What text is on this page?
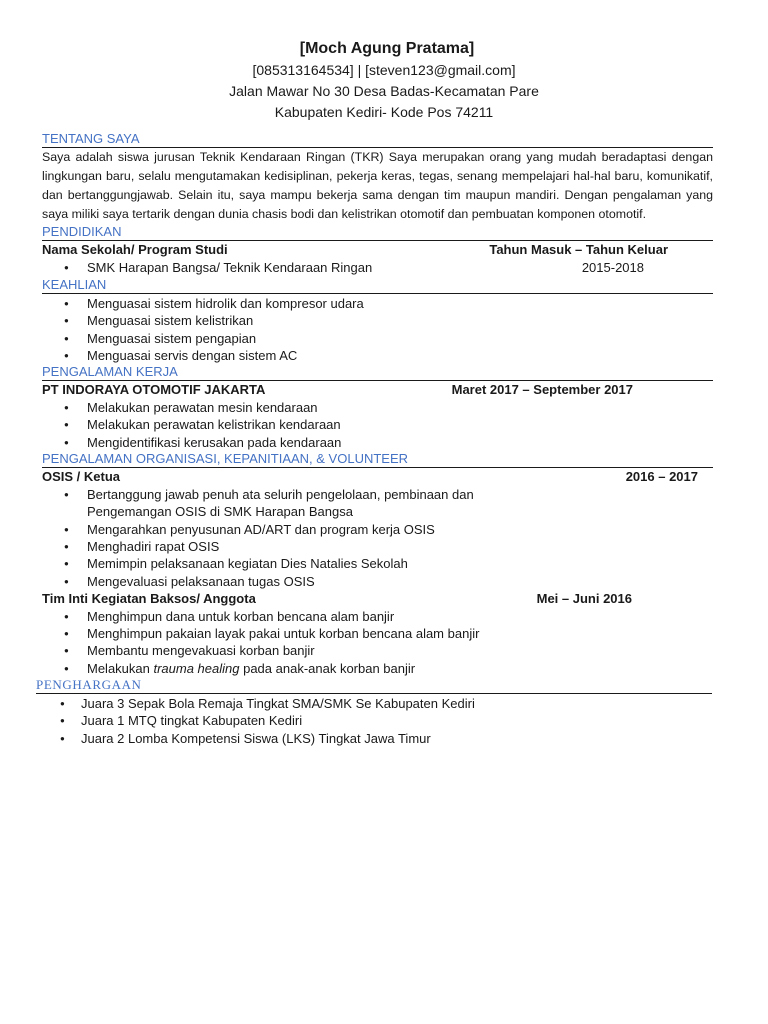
[Moch Agung Pratama]
[085313164534] | [steven123@gmail.com]
Jalan Mawar No 30 Desa Badas-Kecamatan Pare
Kabupaten Kediri- Kode Pos 74211
TENTANG SAYA

Saya adalah siswa jurusan Teknik Kendaraan Ringan (TKR) Saya merupakan orang yang mudah beradaptasi dengan lingkungan baru, selalu mengutamakan kedisiplinan, pekerja keras, tegas, senang mempelajari hal-hal baru, komunikatif, dan bertanggungjawab. Selain itu, saya mampu bekerja sama dengan tim maupun mandiri. Dengan pengalaman yang saya miliki saya tertarik dengan dunia chasis bodi dan kelistrikan otomotif dan pembuatan komponen otomotif.

PENDIDIKAN
Nama Sekolah/ Program Studi	Tahun Masuk – Tahun Keluar
● SMK Harapan Bangsa/ Teknik Kendaraan Ringan	2015-2018
KEAHLIAN
● Menguasai sistem hidrolik dan kompresor udara
● Menguasai sistem kelistrikan
● Menguasai sistem pengapian
● Menguasai servis dengan sistem AC
PENGALAMAN KERJA
PT INDORAYA OTOMOTIF JAKARTA	Maret 2017 – September 2017
● Melakukan perawatan mesin kendaraan
● Melakukan perawatan kelistrikan kendaraan
● Mengidentifikasi kerusakan pada kendaraan
PENGALAMAN ORGANISASI, KEPANITIAAN, & VOLUNTEER
OSIS / Ketua	2016 – 2017
● Bertanggung jawab penuh ata selurih pengelolaan, pembinaan dan
Pengemangan OSIS di SMK Harapan Bangsa
● Mengarahkan penyusunan AD/ART dan program kerja OSIS
● Menghadiri rapat OSIS
● Memimpin pelaksanaan kegiatan Dies Natalies Sekolah
● Mengevaluasi pelaksanaan tugas OSIS
Tim Inti Kegiatan Baksos/ Anggota	Mei – Juni 2016
● Menghimpun dana untuk korban bencana alam banjir
● Menghimpun pakaian layak pakai untuk korban bencana alam banjir
● Membantu mengevakuasi korban banjir
● Melakukan trauma healing pada anak-anak korban banjir
PENGHARGAAN
● Juara 3 Sepak Bola Remaja Tingkat SMA/SMK Se Kabupaten Kediri
● Juara 1 MTQ tingkat Kabupaten Kediri
● Juara 2 Lomba Kompetensi Siswa (LKS) Tingkat Jawa Timur
